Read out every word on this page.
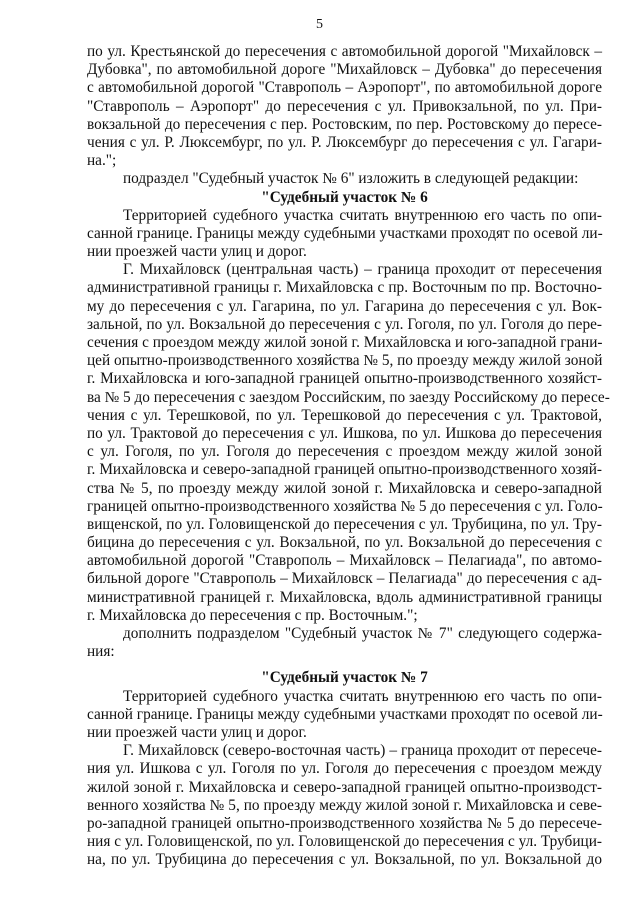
5
по ул. Крестьянской до пересечения с автомобильной дорогой "Михайловск –
Дубовка", по автомобильной дороге "Михайловск – Дубовка" до пересечения
с автомобильной дорогой "Ставрополь – Аэропорт", по автомобильной дороге
"Ставрополь – Аэропорт" до пересечения с ул. Привокзальной, по ул. При-
вокзальной до пересечения с пер. Ростовским, по пер. Ростовскому до пересе-
чения с ул. Р. Люксембург, по ул. Р. Люксембург до пересечения с ул. Гагари-
на.";
подраздел "Судебный участок № 6" изложить в следующей редакции:
"Судебный участок № 6
Территорией судебного участка считать внутреннюю его часть по опи-
санной границе. Границы между судебными участками проходят по осевой ли-
нии проезжей части улиц и дорог.
Г. Михайловск (центральная часть) – граница проходит от пересечения
административной границы г. Михайловска с пр. Восточным по пр. Восточно-
му до пересечения с ул. Гагарина, по ул. Гагарина до пересечения с ул. Вок-
зальной, по ул. Вокзальной до пересечения с ул. Гоголя, по ул. Гоголя до пере-
сечения с проездом между жилой зоной г. Михайловска и юго-западной грани-
цей опытно-производственного хозяйства № 5, по проезду между жилой зоной
г. Михайловска и юго-западной границей опытно-производственного хозяйст-
ва № 5 до пересечения с заездом Российским, по заезду Российскому до пересе-
чения с ул. Терешковой, по ул. Терешковой до пересечения с ул. Трактовой,
по ул. Трактовой до пересечения с ул. Ишкова, по ул. Ишкова до пересечения
с ул. Гоголя, по ул. Гоголя до пересечения с проездом между жилой зоной
г. Михайловска и северо-западной границей опытно-производственного хозяй-
ства № 5, по проезду между жилой зоной г. Михайловска и северо-западной
границей опытно-производственного хозяйства № 5 до пересечения с ул. Голо-
вищенской, по ул. Головищенской до пересечения с ул. Трубицина, по ул. Тру-
бицина до пересечения с ул. Вокзальной, по ул. Вокзальной до пересечения с
автомобильной дорогой "Ставрополь – Михайловск – Пелагиада", по автомо-
бильной дороге "Ставрополь – Михайловск – Пелагиада" до пересечения с ад-
министративной границей г. Михайловска, вдоль административной границы
г. Михайловска до пересечения с пр. Восточным.";
дополнить подразделом "Судебный участок № 7" следующего содержа-
ния:
"Судебный участок № 7
Территорией судебного участка считать внутреннюю его часть по опи-
санной границе. Границы между судебными участками проходят по осевой ли-
нии проезжей части улиц и дорог.
Г. Михайловск (северо-восточная часть) – граница проходит от пересече-
ния ул. Ишкова с ул. Гоголя по ул. Гоголя до пересечения с проездом между
жилой зоной г. Михайловска и северо-западной границей опытно-производст-
венного хозяйства № 5, по проезду между жилой зоной г. Михайловска и севе-
ро-западной границей опытно-производственного хозяйства № 5 до пересече-
ния с ул. Головищенской, по ул. Головищенской до пересечения с ул. Трубици-
на, по ул. Трубицина до пересечения с ул. Вокзальной, по ул. Вокзальной до
